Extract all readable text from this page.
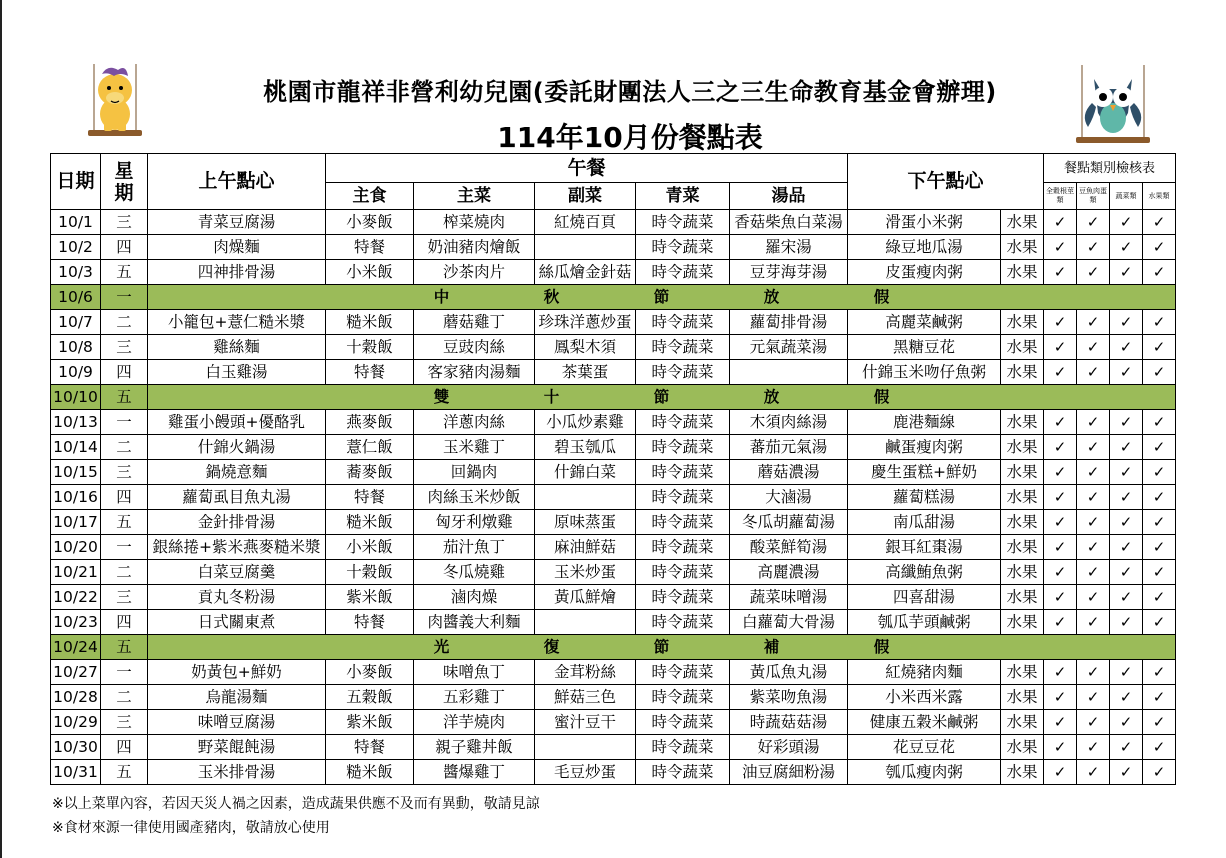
桃園市龍祥非營利幼兒園(委託財團法人三之三生命教育基金會辦理)
114年10月份餐點表
日期	星期	上午點心	午餐					下午點心		餐點類別檢核表			
			主食	主菜	副菜	青菜	湯品			全穀根莖類	豆魚肉蛋類	蔬菜類	水果類
10/1	三	青菜豆腐湯	小麥飯	榨菜燒肉	紅燒百頁	時令蔬菜	香菇柴魚白菜湯	滑蛋小米粥	水果	✓	✓	✓	✓
10/2	四	肉燥麵	特餐	奶油豬肉燴飯		時令蔬菜	羅宋湯	綠豆地瓜湯	水果	✓	✓	✓	✓
10/3	五	四神排骨湯	小米飯	沙茶肉片	絲瓜燴金針菇	時令蔬菜	豆芽海芽湯	皮蛋瘦肉粥	水果	✓	✓	✓	✓
10/6	一	中 秋 節 放 假											
10/7	二	小籠包+薏仁糙米漿	糙米飯	蘑菇雞丁	珍珠洋蔥炒蛋	時令蔬菜	蘿蔔排骨湯	高麗菜鹹粥	水果	✓	✓	✓	✓
10/8	三	雞絲麵	十穀飯	豆豉肉絲	鳳梨木須	時令蔬菜	元氣蔬菜湯	黑糖豆花	水果	✓	✓	✓	✓
10/9	四	白玉雞湯	特餐	客家豬肉湯麵	茶葉蛋	時令蔬菜		什錦玉米吻仔魚粥	水果	✓	✓	✓	✓
10/10	五	雙 十 節 放 假											
10/13	一	雞蛋小饅頭+優酪乳	燕麥飯	洋蔥肉絲	小瓜炒素雞	時令蔬菜	木須肉絲湯	鹿港麵線	水果	✓	✓	✓	✓
10/14	二	什錦火鍋湯	薏仁飯	玉米雞丁	碧玉瓠瓜	時令蔬菜	蕃茄元氣湯	鹹蛋瘦肉粥	水果	✓	✓	✓	✓
10/15	三	鍋燒意麵	蕎麥飯	回鍋肉	什錦白菜	時令蔬菜	蘑菇濃湯	慶生蛋糕+鮮奶	水果	✓	✓	✓	✓
10/16	四	蘿蔔虱目魚丸湯	特餐	肉絲玉米炒飯		時令蔬菜	大滷湯	蘿蔔糕湯	水果	✓	✓	✓	✓
10/17	五	金針排骨湯	糙米飯	匈牙利燉雞	原味蒸蛋	時令蔬菜	冬瓜胡蘿蔔湯	南瓜甜湯	水果	✓	✓	✓	✓
10/20	一	銀絲捲+紫米燕麥糙米漿	小米飯	茄汁魚丁	麻油鮮菇	時令蔬菜	酸菜鮮筍湯	銀耳紅棗湯	水果	✓	✓	✓	✓
10/21	二	白菜豆腐羹	十穀飯	冬瓜燒雞	玉米炒蛋	時令蔬菜	高麗濃湯	高纖鮪魚粥	水果	✓	✓	✓	✓
10/22	三	貢丸冬粉湯	紫米飯	滷肉燥	黃瓜鮮燴	時令蔬菜	蔬菜味噌湯	四喜甜湯	水果	✓	✓	✓	✓
10/23	四	日式關東煮	特餐	肉醬義大利麵		時令蔬菜	白蘿蔔大骨湯	瓠瓜芋頭鹹粥	水果	✓	✓	✓	✓
10/24	五	光 復 節 補 假											
10/27	一	奶黃包+鮮奶	小麥飯	味噌魚丁	金茸粉絲	時令蔬菜	黃瓜魚丸湯	紅燒豬肉麵	水果	✓	✓	✓	✓
10/28	二	烏龍湯麵	五穀飯	五彩雞丁	鮮菇三色	時令蔬菜	紫菜吻魚湯	小米西米露	水果	✓	✓	✓	✓
10/29	三	味噌豆腐湯	紫米飯	洋芋燒肉	蜜汁豆干	時令蔬菜	時蔬菇菇湯	健康五穀米鹹粥	水果	✓	✓	✓	✓
10/30	四	野菜餛飩湯	特餐	親子雞丼飯		時令蔬菜	好彩頭湯	花豆豆花	水果	✓	✓	✓	✓
10/31	五	玉米排骨湯	糙米飯	醬爆雞丁	毛豆炒蛋	時令蔬菜	油豆腐細粉湯	瓠瓜瘦肉粥	水果	✓	✓	✓	✓
※以上菜單內容，若因天災人禍之因素，造成蔬果供應不及而有異動，敬請見諒
※食材來源一律使用國產豬肉，敬請放心使用
